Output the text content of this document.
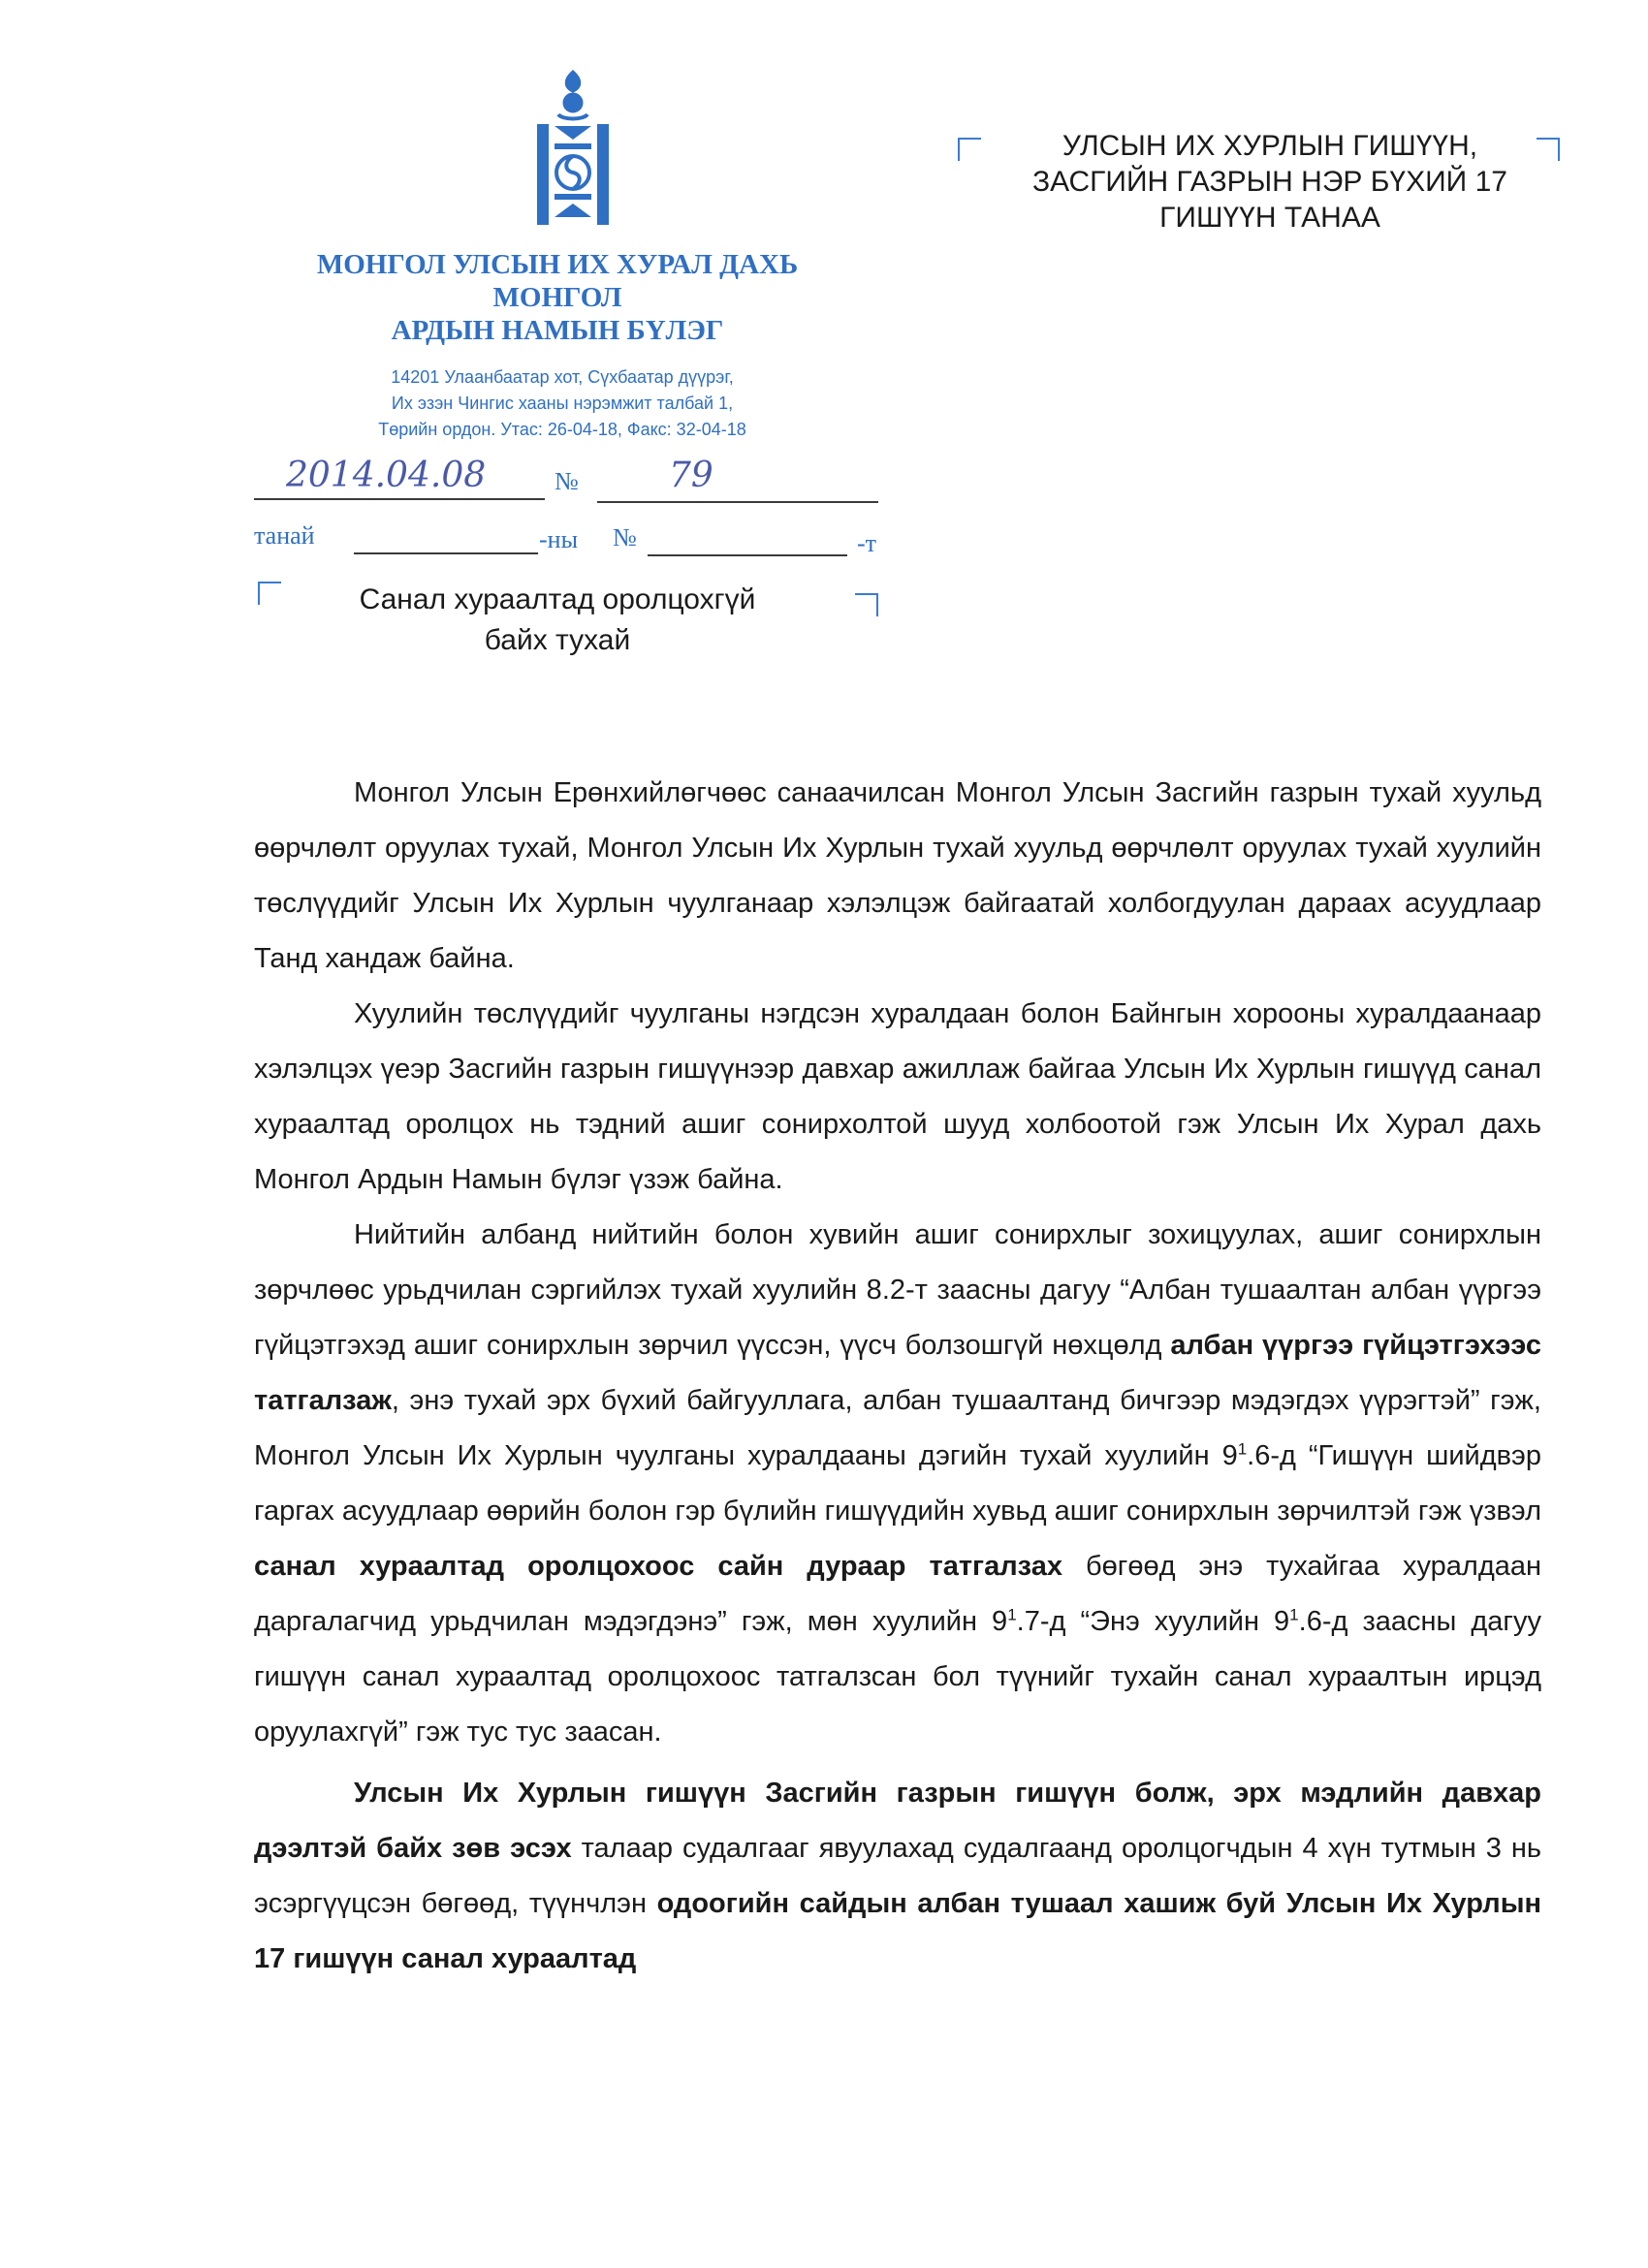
МОНГОЛ УЛСЫН ИХ ХУРАЛ ДАХЬ
МОНГОЛ
АРДЫН НАМЫН БҮЛЭГ
14201 Улаанбаатар хот, Сүхбаатар дүүрэг,
Их эзэн Чингис хааны нэрэмжит талбай 1,
Төрийн ордон. Утас: 26-04-18, Факс: 32-04-18
УЛСЫН ИХ ХУРЛЫН ГИШҮҮН,
ЗАСГИЙН ГАЗРЫН НЭР БҮХИЙ 17
ГИШҮҮН ТАНАА
2014.04.08	№	79
танай	-ны №	-т
Санал хураалтад оролцохгүй
байх тухай

Монгол Улсын Ерөнхийлөгчөөс санаачилсан Монгол Улсын Засгийн газрын тухай хуульд өөрчлөлт оруулах тухай, Монгол Улсын Их Хурлын тухай хуульд өөрчлөлт оруулах тухай хуулийн төслүүдийг Улсын Их Хурлын чуулганаар хэлэлцэж байгаатай холбогдуулан дараах асуудлаар Танд хандаж байна.

Хуулийн төслүүдийг чуулганы нэгдсэн хуралдаан болон Байнгын хорооны хуралдаанаар хэлэлцэх үеэр Засгийн газрын гишүүнээр давхар ажиллаж байгаа Улсын Их Хурлын гишүүд санал хураалтад оролцох нь тэдний ашиг сонирхолтой шууд холбоотой гэж Улсын Их Хурал дахь Монгол Ардын Намын бүлэг үзэж байна.

Нийтийн албанд нийтийн болон хувийн ашиг сонирхлыг зохицуулах, ашиг сонирхлын зөрчлөөс урьдчилан сэргийлэх тухай хуулийн 8.2-т заасны дагуу “Албан тушаалтан албан үүргээ гүйцэтгэхэд ашиг сонирхлын зөрчил үүссэн, үүсч болзошгүй нөхцөлд албан үүргээ гүйцэтгэхээс татгалзаж, энэ тухай эрх бүхий байгууллага, албан тушаалтанд бичгээр мэдэгдэх үүрэгтэй” гэж, Монгол Улсын Их Хурлын чуулганы хуралдааны дэгийн тухай хуулийн $9^1.6-д$ “Гишүүн шийдвэр гаргах асуудлаар өөрийн болон гэр бүлийн гишүүдийн хувьд ашиг сонирхлын зөрчилтэй гэж үзвэл санал хураалтад оролцохоос сайн дураар татгалзах бөгөөд энэ тухайгаа хуралдаан даргалагчид урьдчилан мэдэгдэнэ” гэж, мөн хуулийн $9^1.7-д$ “Энэ хуулийн $9^1.6-д$ заасны дагуу гишүүн санал хураалтад оролцохоос татгалзсан бол түүнийг тухайн санал хураалтын ирцэд оруулахгүй” гэж тус тус заасан.

Улсын Их Хурлын гишүүн Засгийн газрын гишүүн болж, эрх мэдлийн давхар дээлтэй байх зөв эсэх талаар судалгааг явуулахад судалгаанд оролцогчдын 4 хүн тутмын 3 нь эсэргүүцсэн бөгөөд, түүнчлэн одоогийн сайдын албан тушаал хашиж буй Улсын Их Хурлын 17 гишүүн санал хураалтад
